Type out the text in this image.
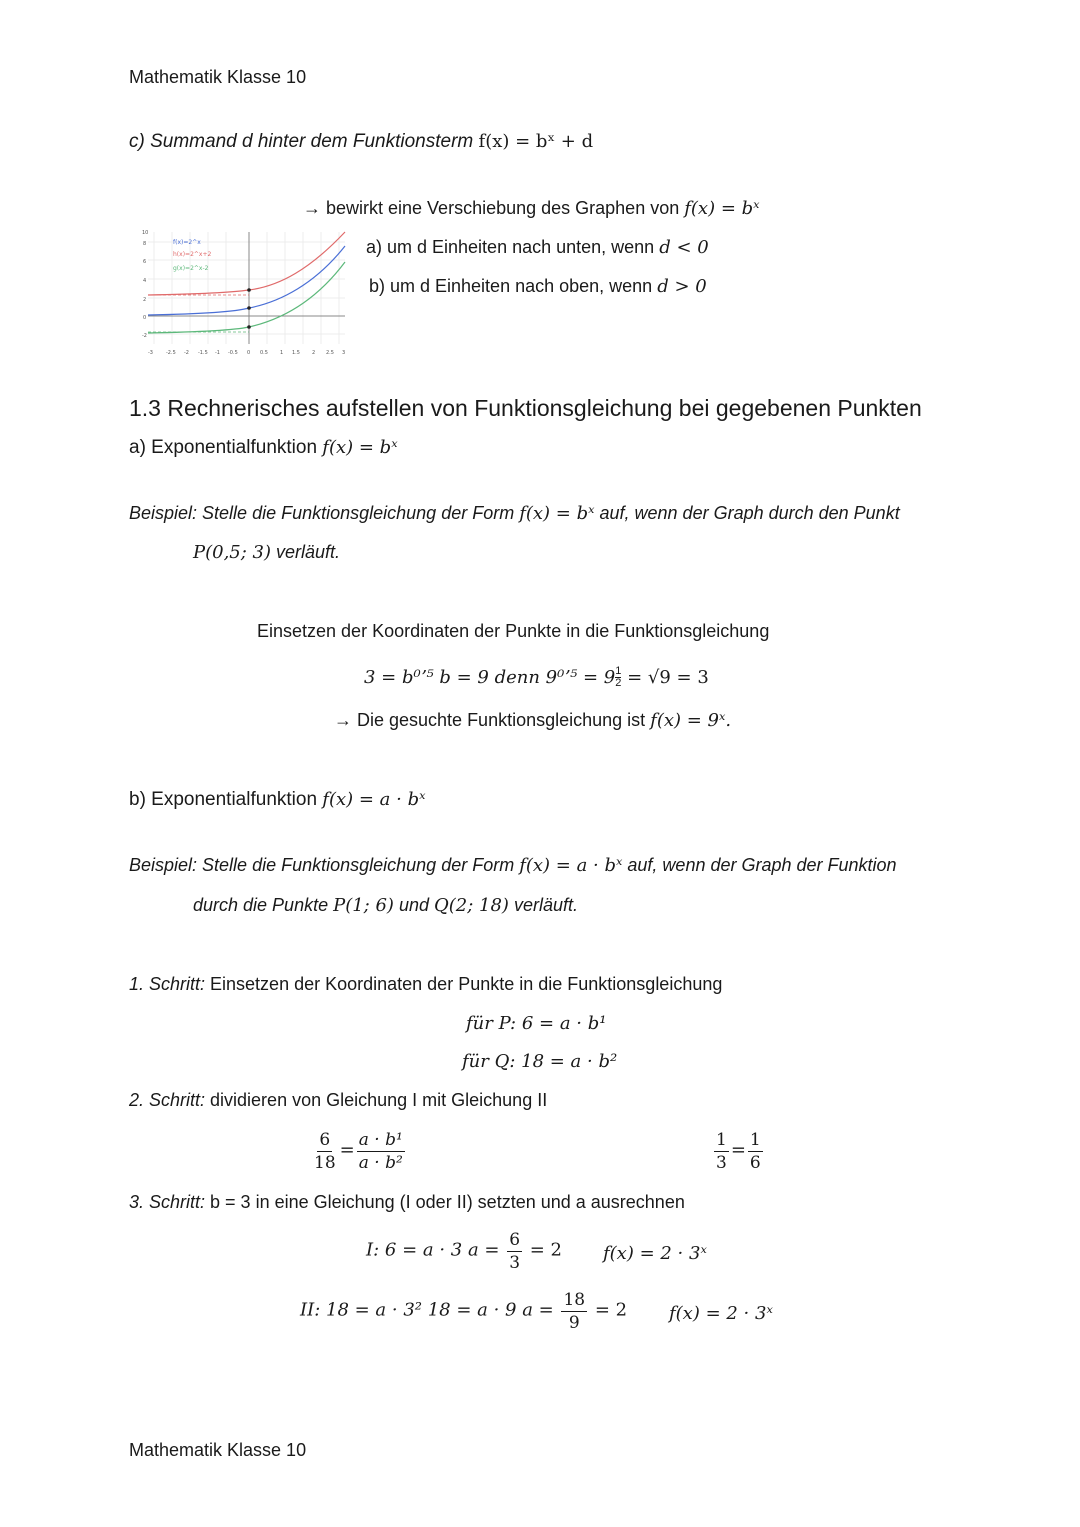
Mathematik Klasse 10
c) Summand d hinter dem Funktionsterm f(x) = bˣ + d
→ bewirkt eine Verschiebung des Graphen von f(x) = bˣ
a) um d Einheiten nach unten, wenn d < 0
b) um d Einheiten nach oben, wenn d > 0
f(x)=2^x
h(x)=2^x+2
g(x)=2^x-2
10
8
6
4
2
0
-2
-3	-2.5 -2 -1.5 -1 -0.5 0 0.5 1 1.5 2 2.5 3
1.3 Rechnerisches aufstellen von Funktionsgleichung bei gegebenen Punkten
a) Exponentialfunktion f(x) = bˣ
Beispiel: Stelle die Funktionsgleichung der Form f(x) = bˣ auf, wenn der Graph durch den Punkt
P(0,5; 3) verläuft.
Einsetzen der Koordinaten der Punkte in die Funktionsgleichung
3 = b⁰ʼ⁵ b = 9 denn 9⁰ʼ⁵ = $9 \frac{1}{2} = √9 = 3$
→ Die gesuchte Funktionsgleichung ist f(x) = 9ˣ.
b) Exponentialfunktion f(x) = a · bˣ
Beispiel: Stelle die Funktionsgleichung der Form f(x) = a · bˣ auf, wenn der Graph der Funktion
durch die Punkte P(1; 6) und Q(2; 18) verläuft.
1. Schritt: Einsetzen der Koordinaten der Punkte in die Funktionsgleichung
für P: 6 = a · b¹
für Q: 18 = a · b²
2. Schritt: dividieren von Gleichung I mit Gleichung II
$\frac{6}{18} = \frac{\text{a · b¹}}{\text{a · b²}}$	$\frac{1}{3} = \frac{1}{6}$
3. Schritt: b = 3 in eine Gleichung (I oder II) setzten und a ausrechnen
I: 6 = a · 3 $a = \frac{6}{3} = 2$ f(x) = 2 · 3ˣ
II: 18 = a · 3² 18 = a · 9 $a = \frac{18}{9} = 2$ f(x) = 2 · 3ˣ
Mathematik Klasse 10
